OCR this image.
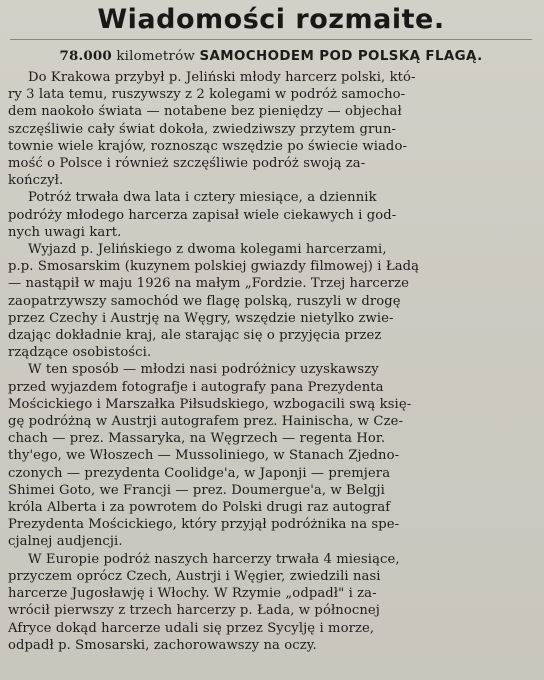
Wiadomości rozmaite.
78.000 kilometrów SAMOCHODEM POD POLSKĄ FLAGĄ.

Do Krakowa przybył p. Jeliński młody harcerz polski, któ-
ry 3 lata temu, ruszywszy z 2 kolegami w podróż samocho-
dem naokoło świata — notabene bez pieniędzy — objechał
szczęśliwie cały świat dokoła, zwiedziwszy przytem grun-
townie wiele krajów, roznosząc wszędzie po świecie wiado-
mość o Polsce i również szczęśliwie podróż swoją za-
kończył.

Potróż trwała dwa lata i cztery miesiące, a dziennik
podróży młodego harcerza zapisał wiele ciekawych i god-
nych uwagi kart.

Wyjazd p. Jelińskiego z dwoma kolegami harcerzami,
p.p. Smosarskim (kuzynem polskiej gwiazdy filmowej) i Ładą
— nastąpił w maju 1926 na małym „Fordzie. Trzej harcerze
zaopatrzywszy samochód we flagę polską, ruszyli w drogę
przez Czechy i Austrję na Węgry, wszędzie nietylko zwie-
dzając dokładnie kraj, ale starając się o przyjęcia przez
rządzące osobistości.

W ten sposób — młodzi nasi podróżnicy uzyskawszy
przed wyjazdem fotografje i autografy pana Prezydenta
Mościckiego i Marszałka Piłsudskiego, wzbogacili swą księ-
gę podróżną w Austrji autografem prez. Hainischa, w Cze-
chach — prez. Massaryka, na Węgrzech — regenta Hor.
thy'ego, we Włoszech — Mussoliniego, w Stanach Zjedno-
czonych — prezydenta Coolidge'a, w Japonji — premjera
Shimei Goto, we Francji — prez. Doumergue'a, w Belgji
króla Alberta i za powrotem do Polski drugi raz autograf
Prezydenta Mościckiego, który przyjął podróżnika na spe-
cjalnej audjencji.

W Europie podróż naszych harcerzy trwała 4 miesiące,
przyczem oprócz Czech, Austrji i Węgier, zwiedzili nasi
harcerze Jugosławję i Włochy. W Rzymie „odpadł" i za-
wrócił pierwszy z trzech harcerzy p. Łada, w północnej
Afryce dokąd harcerze udali się przez Sycylję i morze,
odpadł p. Smosarski, zachorowawszy na oczy.
